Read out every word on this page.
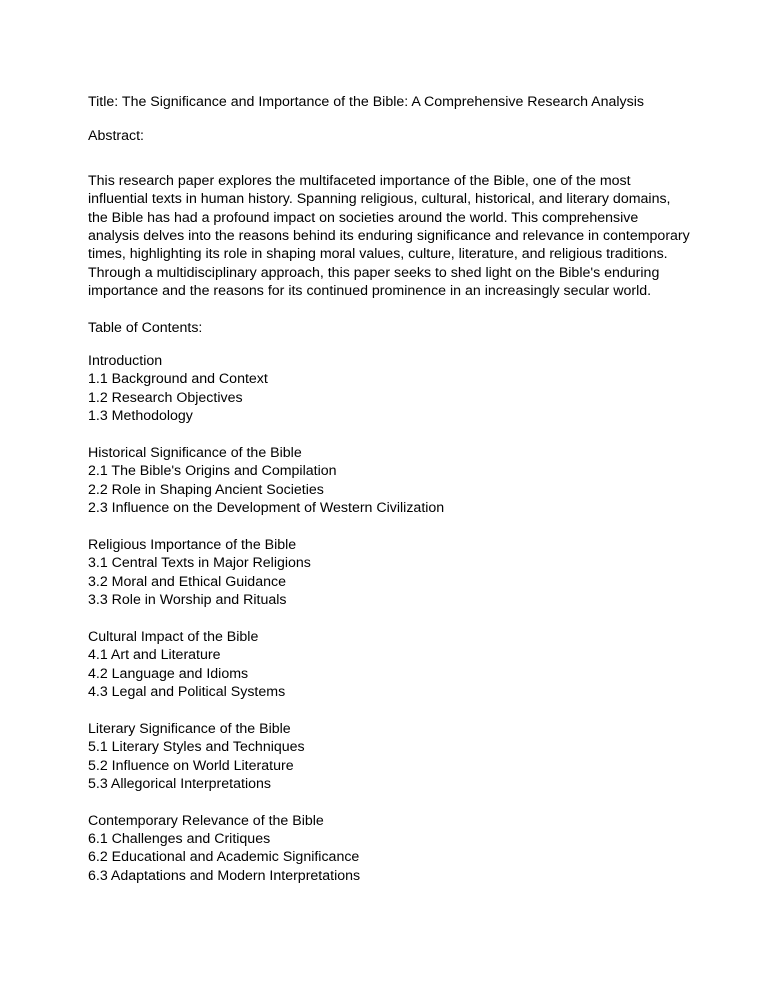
Title: The Significance and Importance of the Bible: A Comprehensive Research Analysis
Abstract:
This research paper explores the multifaceted importance of the Bible, one of the most
influential texts in human history. Spanning religious, cultural, historical, and literary domains,
the Bible has had a profound impact on societies around the world. This comprehensive
analysis delves into the reasons behind its enduring significance and relevance in contemporary
times, highlighting its role in shaping moral values, culture, literature, and religious traditions.
Through a multidisciplinary approach, this paper seeks to shed light on the Bible's enduring
importance and the reasons for its continued prominence in an increasingly secular world.
Table of Contents:
Introduction
1.1 Background and Context
1.2 Research Objectives
1.3 Methodology
Historical Significance of the Bible
2.1 The Bible's Origins and Compilation
2.2 Role in Shaping Ancient Societies
2.3 Influence on the Development of Western Civilization
Religious Importance of the Bible
3.1 Central Texts in Major Religions
3.2 Moral and Ethical Guidance
3.3 Role in Worship and Rituals
Cultural Impact of the Bible
4.1 Art and Literature
4.2 Language and Idioms
4.3 Legal and Political Systems
Literary Significance of the Bible
5.1 Literary Styles and Techniques
5.2 Influence on World Literature
5.3 Allegorical Interpretations
Contemporary Relevance of the Bible
6.1 Challenges and Critiques
6.2 Educational and Academic Significance
6.3 Adaptations and Modern Interpretations
